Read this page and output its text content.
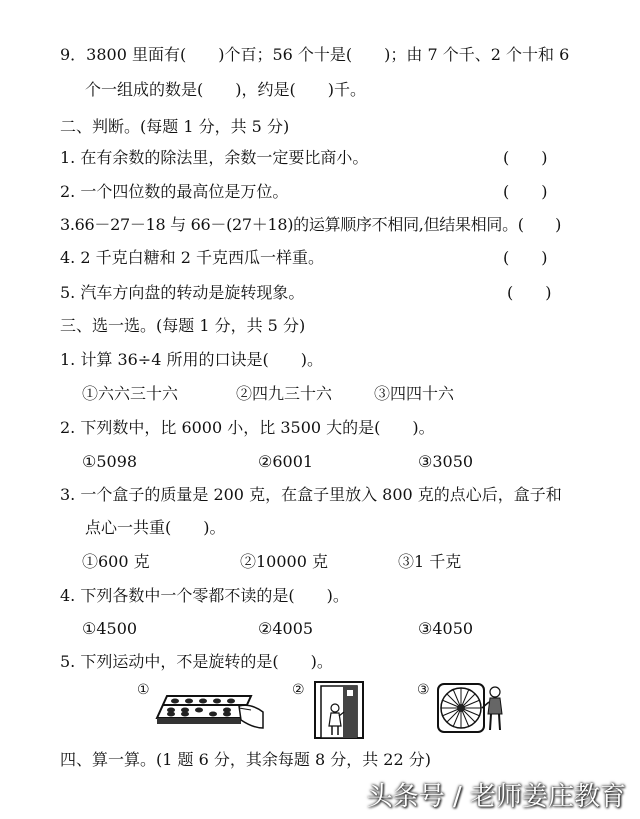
9．3800 里面有(　　)个百；56 个十是(　　)；由 7 个千、2 个十和 6
个一组成的数是(　　)，约是(　　)千。
二、判断。(每题 1 分，共 5 分)
1. 在有余数的除法里，余数一定要比商小。	(　　)
2. 一个四位数的最高位是万位。	(　　)
3.66－27－18 与 66－(27＋18)的运算顺序不相同,但结果相同。(　　)
4. 2 千克白糖和 2 千克西瓜一样重。	(　　)
5. 汽车方向盘的转动是旋转现象。	(　　)
三、选一选。(每题 1 分，共 5 分)
1. 计算 36÷4 所用的口诀是(　　)。
①六六三十六	②四九三十六	③四四十六
2. 下列数中，比 6000 小，比 3500 大的是(　　)。
①5098	②6001	③3050
3. 一个盒子的质量是 200 克，在盒子里放入 800 克的点心后，盒子和
点心一共重(　　)。
①600 克	②10000 克	③1 千克
4. 下列各数中一个零都不读的是(　　)。
①4500	②4005	③4050
5. 下列运动中，不是旋转的是(　　)。
①	②	③
四、算一算。(1 题 6 分，其余每题 8 分，共 22 分)
头条号 / 老师姜庄教育
